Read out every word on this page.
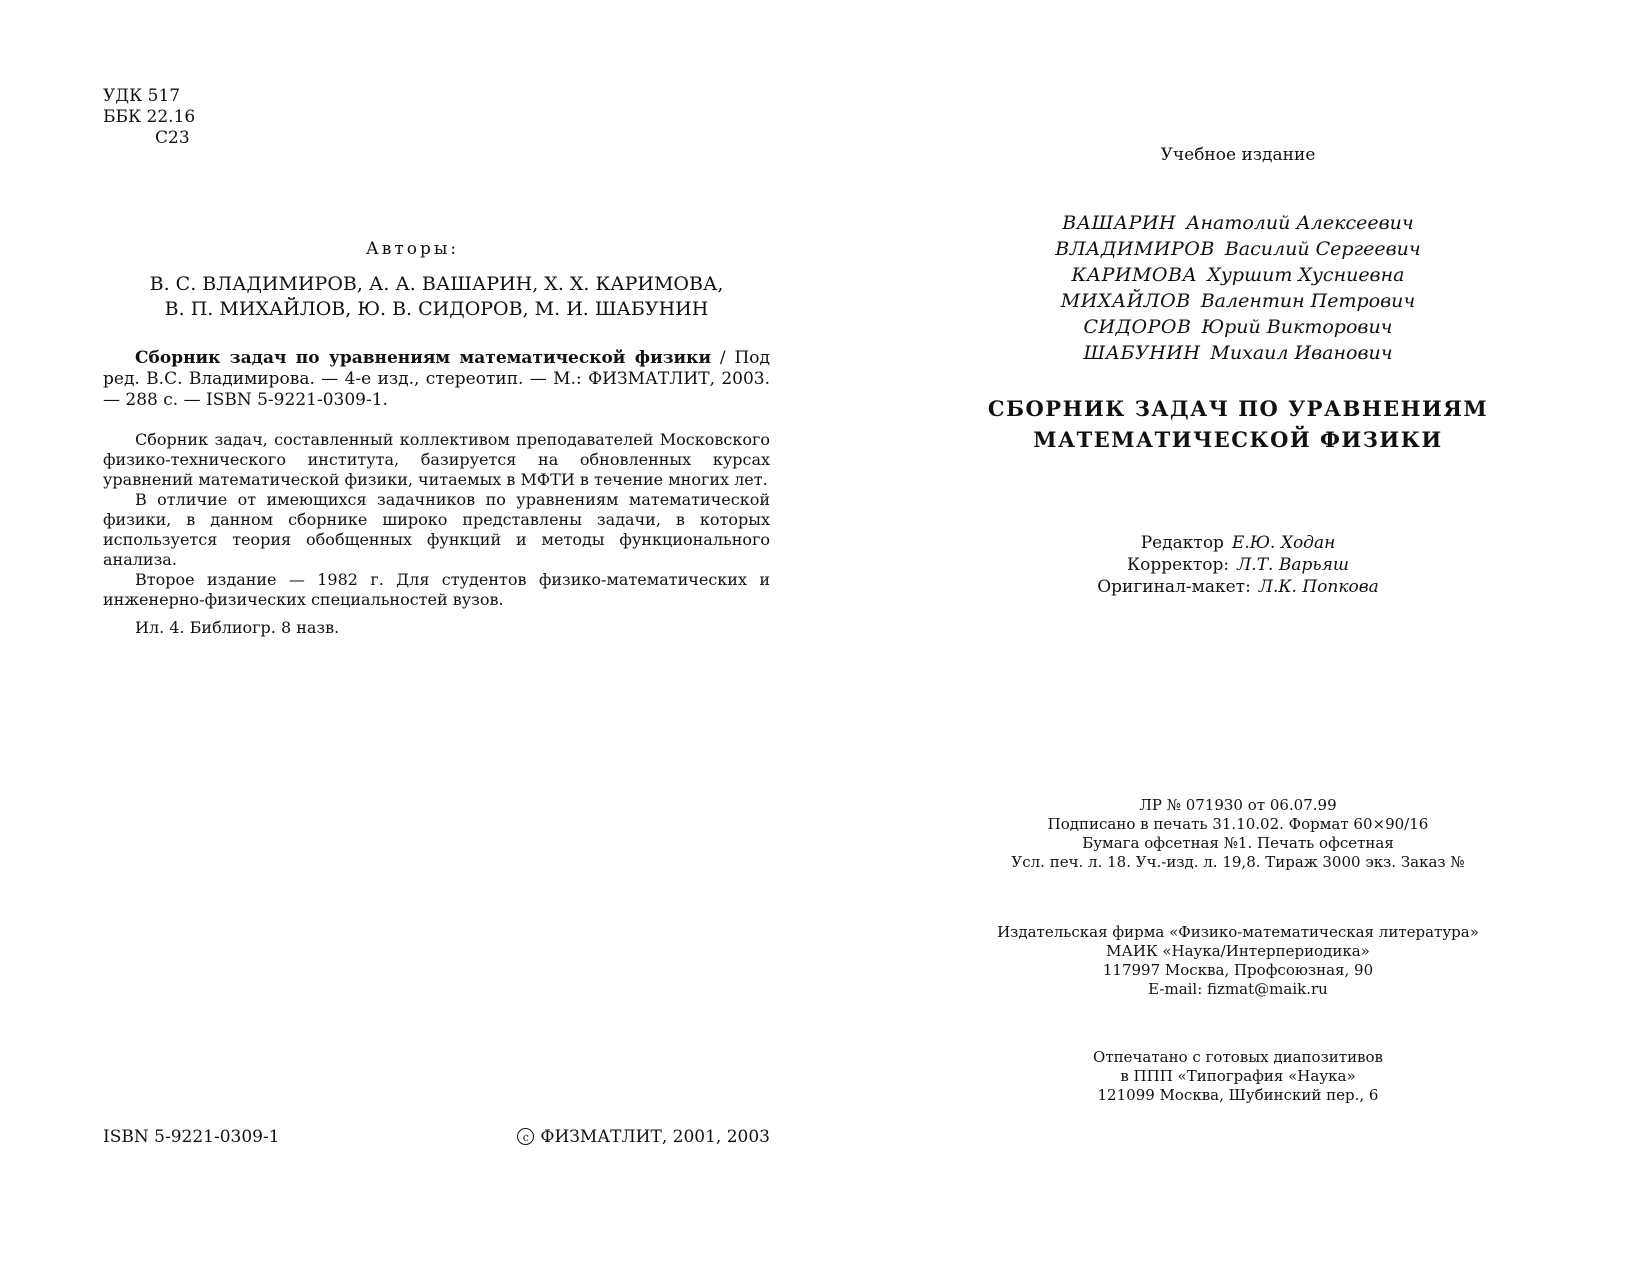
УДК 517
ББК 22.16
С23
Авторы:
В. С. ВЛАДИМИРОВ, А. А. ВАШАРИН, Х. Х. КАРИМОВА,
В. П. МИХАЙЛОВ, Ю. В. СИДОРОВ, М. И. ШАБУНИН
Сборник задач по уравнениям математической физики / Под ред. В.С. Владимирова. — 4-е изд., стереотип. — М.: ФИЗМАТЛИТ, 2003. — 288 с. — ISBN 5-9221-0309-1.

Сборник задач, составленный коллективом преподавателей Московского физико-технического института, базируется на обновленных курсах уравнений математической физики, читаемых в МФТИ в течение многих лет.

В отличие от имеющихся задачников по уравнениям математической физики, в данном сборнике широко представлены задачи, в которых используется теория обобщенных функций и методы функционального анализа.

Второе издание — 1982 г. Для студентов физико-математических и инженерно-физических специальностей вузов.

Ил. 4. Библиогр. 8 назв.

ISBN 5-9221-0309-1	c ФИЗМАТЛИТ, 2001, 2003
Учебное издание
ВАШАРИН Анатолий Алексеевич
ВЛАДИМИРОВ Василий Сергеевич
КАРИМОВА Хуршит Хусниевна
МИХАЙЛОВ Валентин Петрович
СИДОРОВ Юрий Викторович
ШАБУНИН Михаил Иванович
СБОРНИК ЗАДАЧ ПО УРАВНЕНИЯМ
МАТЕМАТИЧЕСКОЙ ФИЗИКИ
Редактор Е.Ю. Ходан
Корректор: Л.Т. Варьяш
Оригинал-макет: Л.К. Попкова
ЛР № 071930 от 06.07.99
Подписано в печать 31.10.02. Формат 60×90/16
Бумага офсетная №1. Печать офсетная
Усл. печ. л. 18. Уч.-изд. л. 19,8. Тираж 3000 экз. Заказ №
Издательская фирма «Физико-математическая литература»
МАИК «Наука/Интерпериодика»
117997 Москва, Профсоюзная, 90
E-mail: fizmat@maik.ru
Отпечатано с готовых диапозитивов
в ППП «Типография «Наука»
121099 Москва, Шубинский пер., 6
